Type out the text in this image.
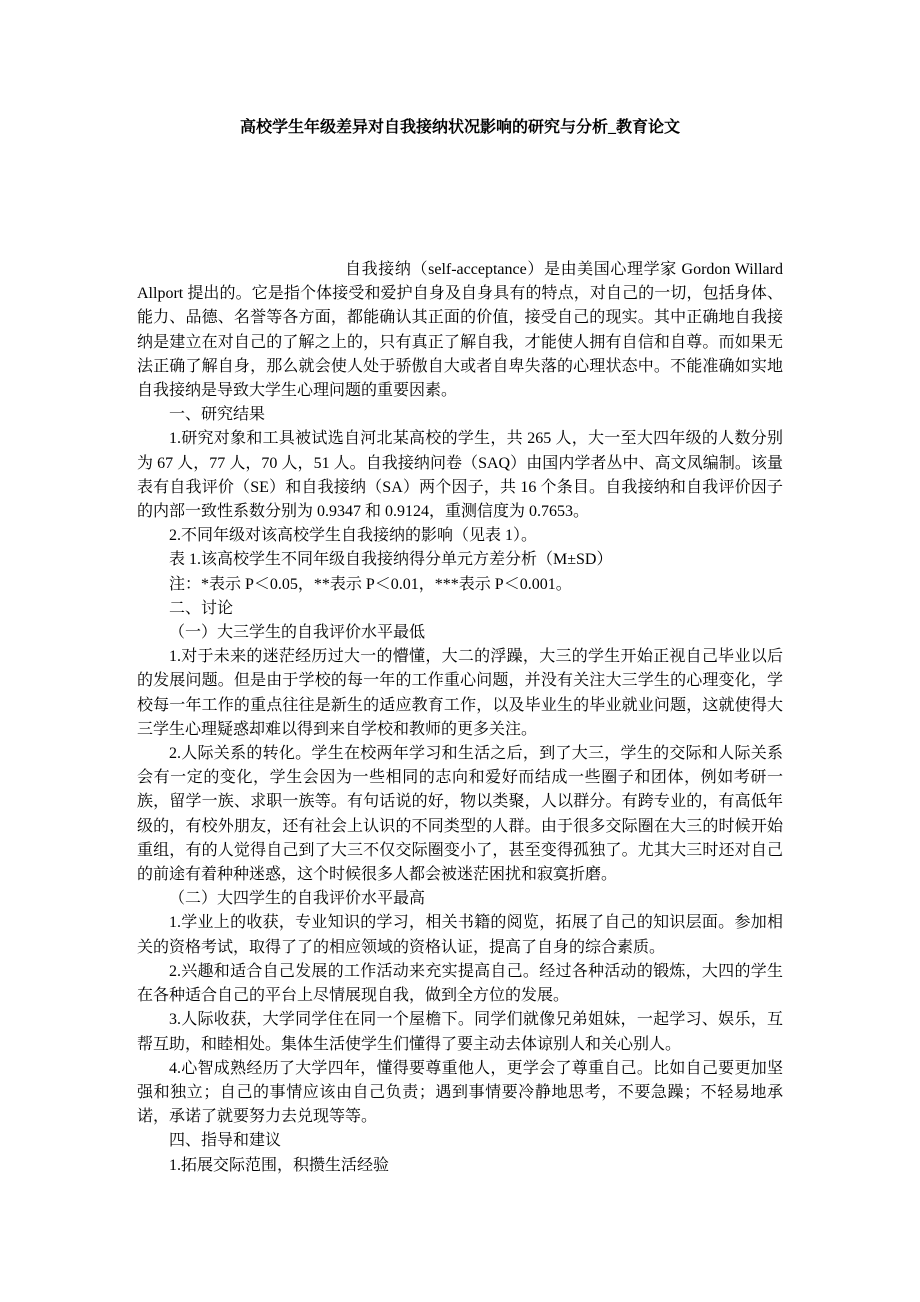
高校学生年级差异对自我接纳状况影响的研究与分析_教育论文

自我接纳（self-acceptance）是由美国心理学家 Gordon Willard Allport 提出的。它是指个体接受和爱护自身及自身具有的特点，对自己的一切，包括身体、能力、品德、名誉等各方面，都能确认其正面的价值，接受自己的现实。其中正确地自我接纳是建立在对自己的了解之上的，只有真正了解自我，才能使人拥有自信和自尊。而如果无法正确了解自身，那么就会使人处于骄傲自大或者自卑失落的心理状态中。不能准确如实地自我接纳是导致大学生心理问题的重要因素。

一、研究结果

1.研究对象和工具被试选自河北某高校的学生，共 265 人，大一至大四年级的人数分别为 67 人，77 人，70 人，51 人。自我接纳问卷（SAQ）由国内学者丛中、高文凤编制。该量表有自我评价（SE）和自我接纳（SA）两个因子，共 16 个条目。自我接纳和自我评价因子的内部一致性系数分别为 0.9347 和 0.9124，重测信度为 0.7653。

2.不同年级对该高校学生自我接纳的影响（见表 1）。

表 1.该高校学生不同年级自我接纳得分单元方差分析（M±SD）

注：*表示 P＜0.05，**表示 P＜0.01，***表示 P＜0.001。

二、讨论

（一）大三学生的自我评价水平最低

1.对于未来的迷茫经历过大一的懵懂，大二的浮躁，大三的学生开始正视自己毕业以后的发展问题。但是由于学校的每一年的工作重心问题，并没有关注大三学生的心理变化，学校每一年工作的重点往往是新生的适应教育工作，以及毕业生的毕业就业问题，这就使得大三学生心理疑惑却难以得到来自学校和教师的更多关注。

2.人际关系的转化。学生在校两年学习和生活之后，到了大三，学生的交际和人际关系会有一定的变化，学生会因为一些相同的志向和爱好而结成一些圈子和团体，例如考研一族，留学一族、求职一族等。有句话说的好，物以类聚，人以群分。有跨专业的，有高低年级的，有校外朋友，还有社会上认识的不同类型的人群。由于很多交际圈在大三的时候开始重组，有的人觉得自己到了大三不仅交际圈变小了，甚至变得孤独了。尤其大三时还对自己的前途有着种种迷惑，这个时候很多人都会被迷茫困扰和寂寞折磨。

（二）大四学生的自我评价水平最高

1.学业上的收获，专业知识的学习，相关书籍的阅览，拓展了自己的知识层面。参加相关的资格考试，取得了了的相应领域的资格认证，提高了自身的综合素质。

2.兴趣和适合自己发展的工作活动来充实提高自己。经过各种活动的锻炼，大四的学生在各种适合自己的平台上尽情展现自我，做到全方位的发展。

3.人际收获，大学同学住在同一个屋檐下。同学们就像兄弟姐妹，一起学习、娱乐，互帮互助，和睦相处。集体生活使学生们懂得了要主动去体谅别人和关心别人。

4.心智成熟经历了大学四年，懂得要尊重他人，更学会了尊重自己。比如自己要更加坚强和独立；自己的事情应该由自己负责；遇到事情要冷静地思考，不要急躁；不轻易地承诺，承诺了就要努力去兑现等等。

四、指导和建议

1.拓展交际范围，积攒生活经验
